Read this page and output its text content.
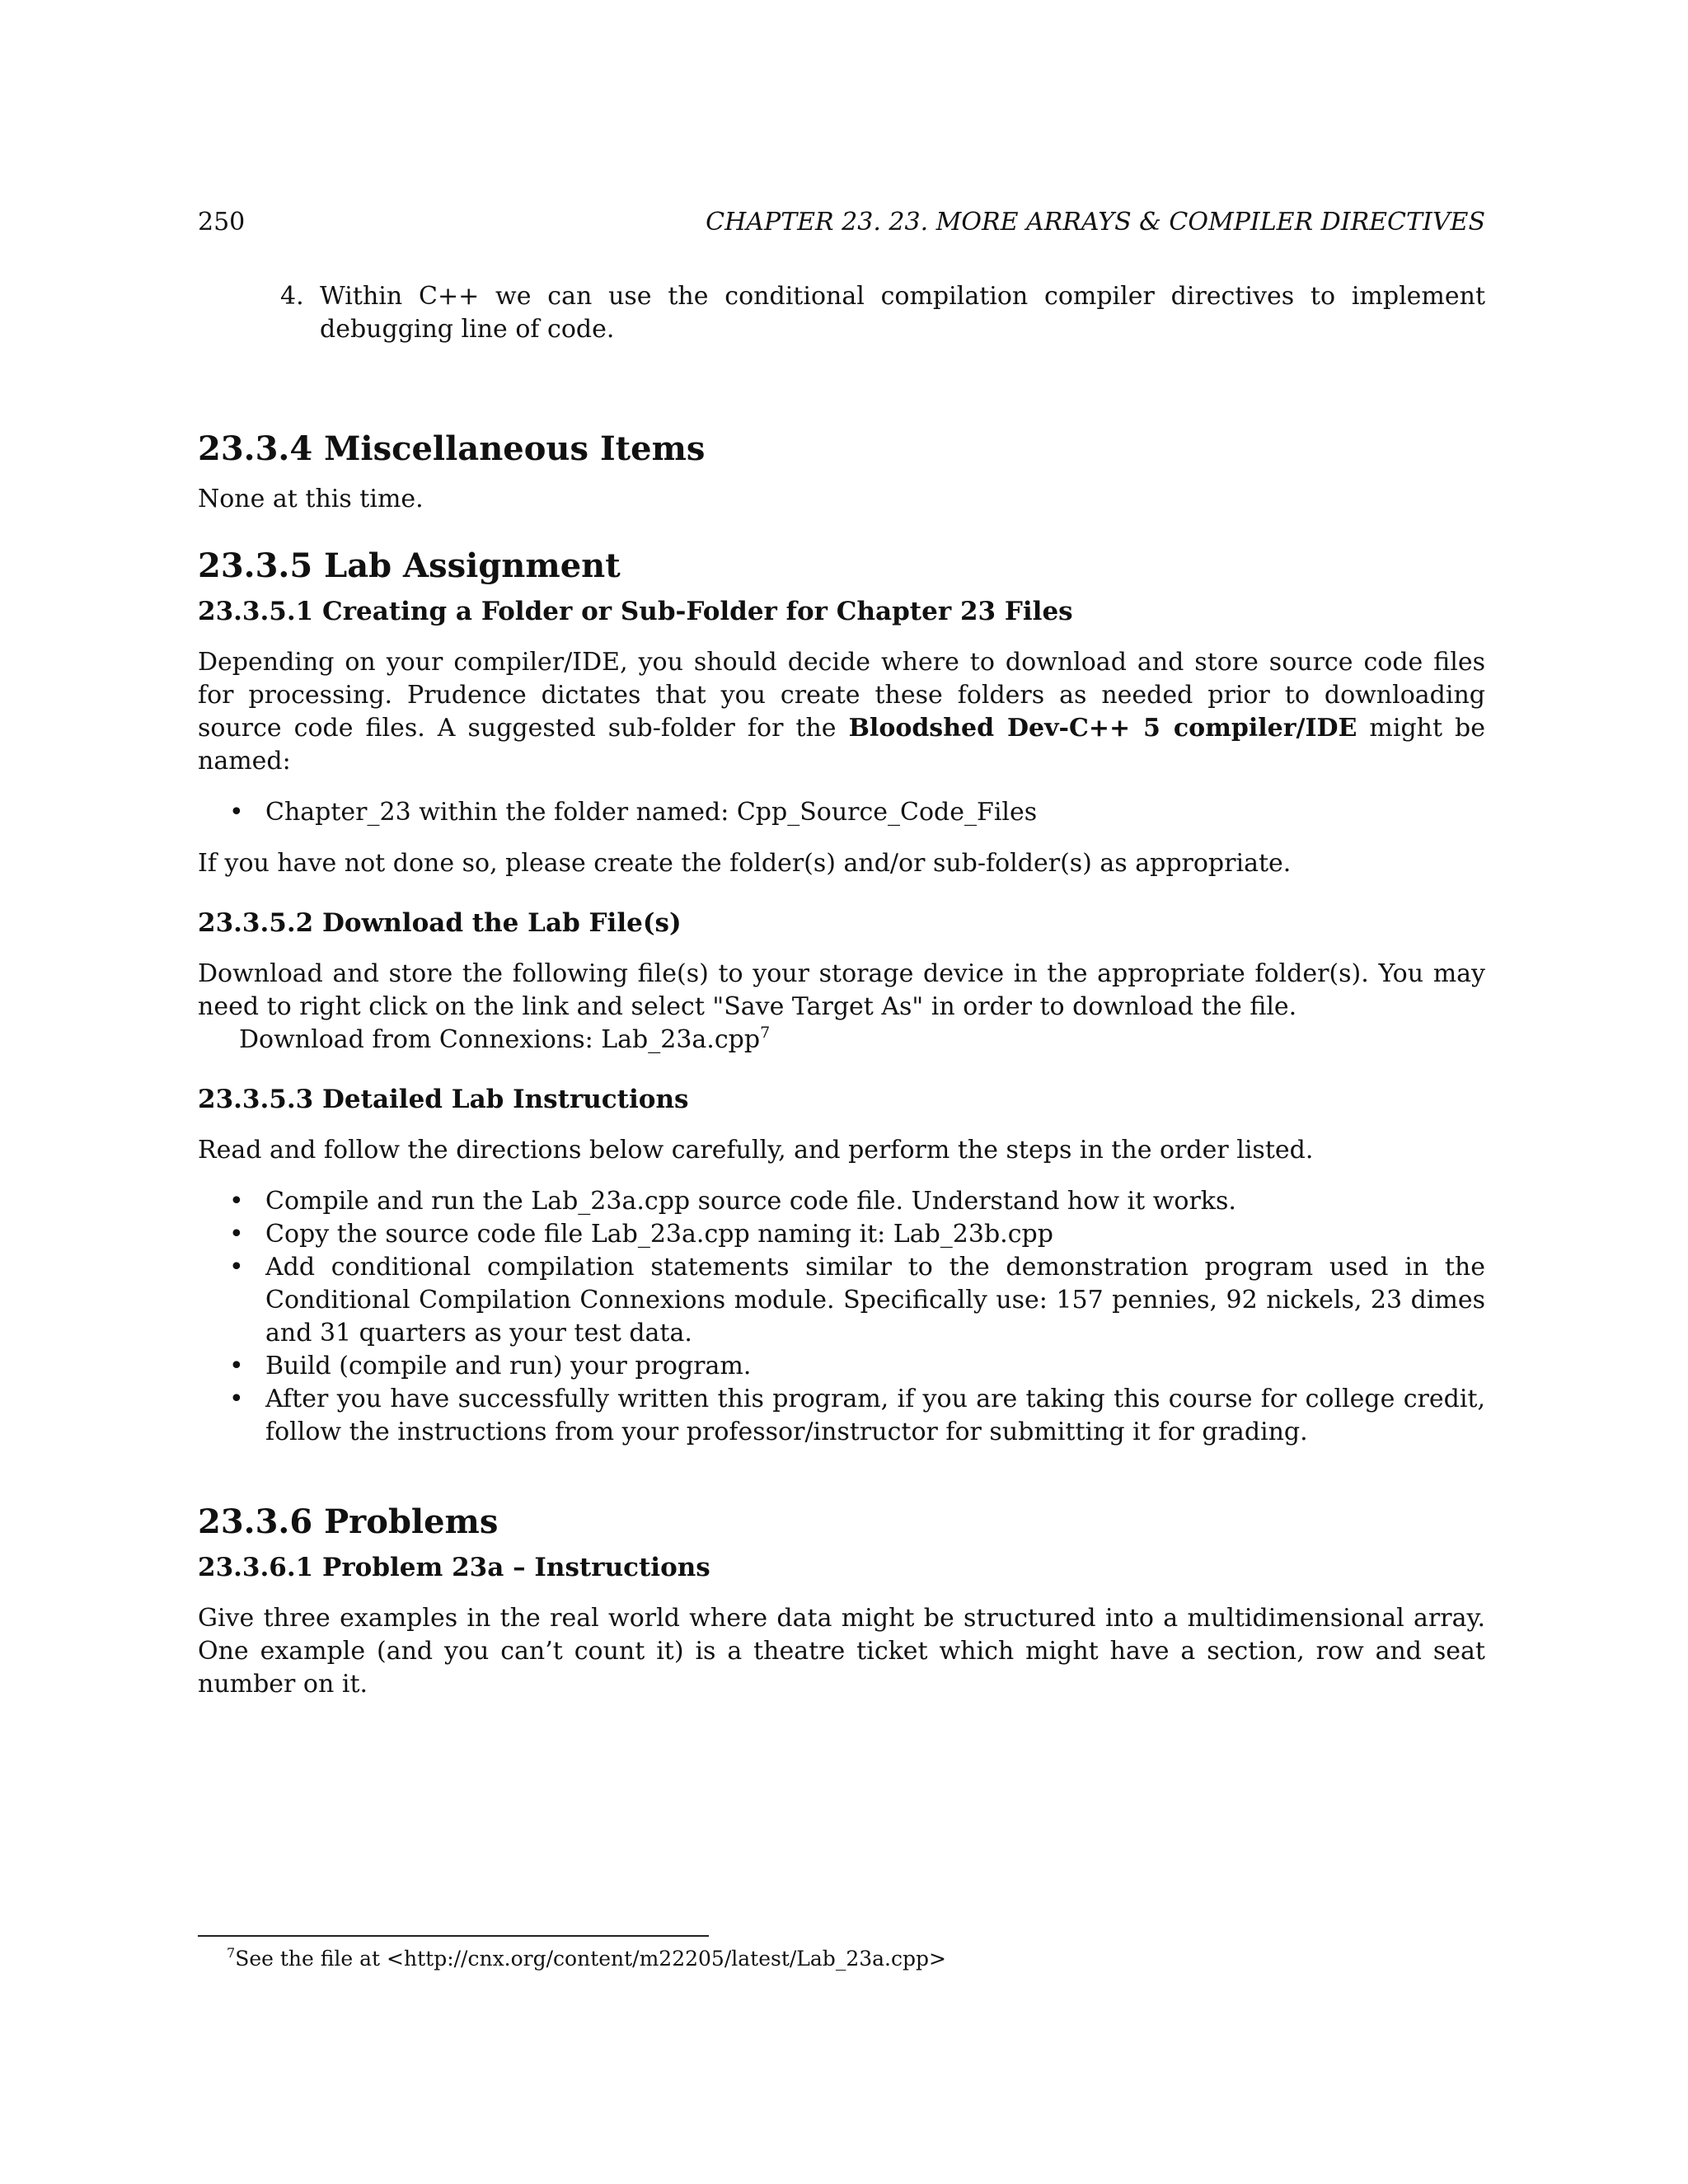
250	CHAPTER 23. 23. MORE ARRAYS & COMPILER DIRECTIVES
4. Within C++ we can use the conditional compilation compiler directives to implement debugging line of code.

23.3.4 Miscellaneous Items

None at this time.

23.3.5 Lab Assignment
23.3.5.1 Creating a Folder or Sub-Folder for Chapter 23 Files

Depending on your compiler/IDE, you should decide where to download and store source code files for processing. Prudence dictates that you create these folders as needed prior to downloading source code files. A suggested sub-folder for the Bloodshed Dev-C++ 5 compiler/IDE might be named:

• Chapter_23 within the folder named: Cpp_Source_Code_Files

If you have not done so, please create the folder(s) and/or sub-folder(s) as appropriate.

23.3.5.2 Download the Lab File(s)

Download and store the following file(s) to your storage device in the appropriate folder(s). You may need to right click on the link and select "Save Target As" in order to download the file.

Download from Connexions: Lab_23a.cpp$^7$

23.3.5.3 Detailed Lab Instructions

Read and follow the directions below carefully, and perform the steps in the order listed.

• Compile and run the Lab_23a.cpp source code file. Understand how it works.
• Copy the source code file Lab_23a.cpp naming it: Lab_23b.cpp
• Add conditional compilation statements similar to the demonstration program used in the Conditional Compilation Connexions module. Specifically use: 157 pennies, 92 nickels, 23 dimes and 31 quarters as your test data.
• Build (compile and run) your program.
• After you have successfully written this program, if you are taking this course for college credit, follow the instructions from your professor/instructor for submitting it for grading.
23.3.6 Problems
23.3.6.1 Problem 23a – Instructions

Give three examples in the real world where data might be structured into a multidimensional array. One example (and you can’t count it) is a theatre ticket which might have a section, row and seat number on it.

$^7$See the file at <http://cnx.org/content/m22205/latest/Lab_23a.cpp>
